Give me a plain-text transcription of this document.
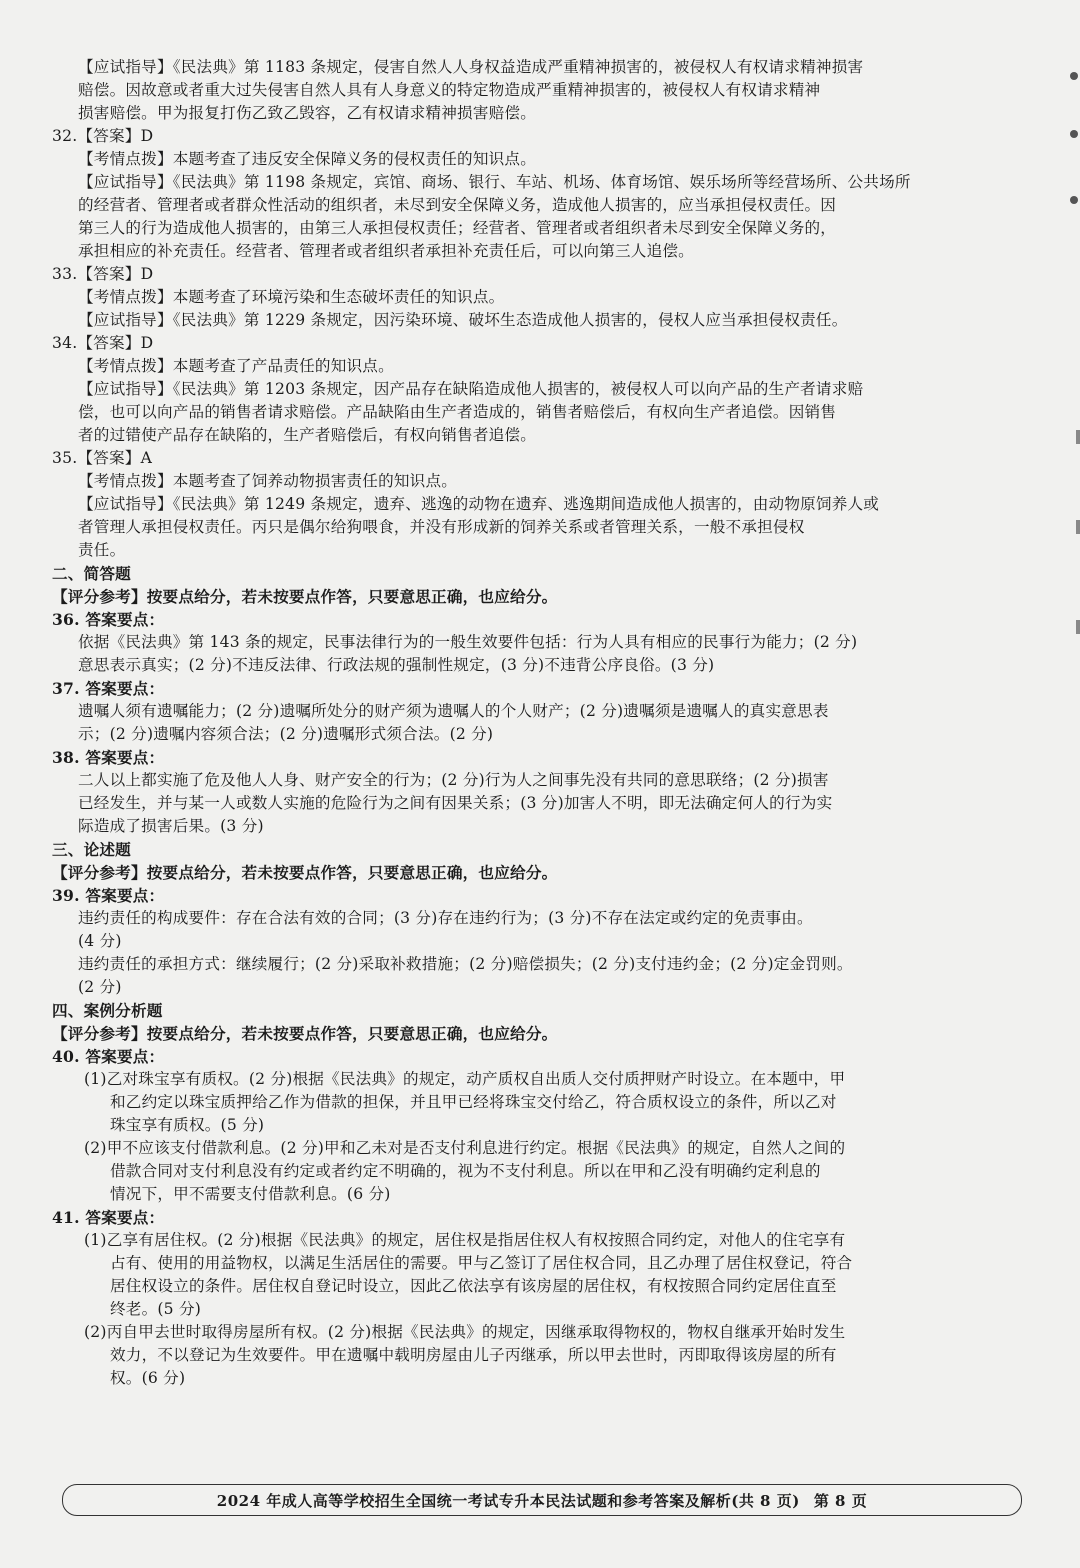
【应试指导】《民法典》第 1183 条规定，侵害自然人人身权益造成严重精神损害的，被侵权人有权请求精神损害
赔偿。因故意或者重大过失侵害自然人具有人身意义的特定物造成严重精神损害的，被侵权人有权请求精神
损害赔偿。甲为报复打伤乙致乙毁容，乙有权请求精神损害赔偿。
32.【答案】D
【考情点拨】本题考查了违反安全保障义务的侵权责任的知识点。
【应试指导】《民法典》第 1198 条规定，宾馆、商场、银行、车站、机场、体育场馆、娱乐场所等经营场所、公共场所
的经营者、管理者或者群众性活动的组织者，未尽到安全保障义务，造成他人损害的，应当承担侵权责任。因
第三人的行为造成他人损害的，由第三人承担侵权责任；经营者、管理者或者组织者未尽到安全保障义务的，
承担相应的补充责任。经营者、管理者或者组织者承担补充责任后，可以向第三人追偿。
33.【答案】D
【考情点拨】本题考查了环境污染和生态破坏责任的知识点。
【应试指导】《民法典》第 1229 条规定，因污染环境、破坏生态造成他人损害的，侵权人应当承担侵权责任。
34.【答案】D
【考情点拨】本题考查了产品责任的知识点。
【应试指导】《民法典》第 1203 条规定，因产品存在缺陷造成他人损害的，被侵权人可以向产品的生产者请求赔
偿，也可以向产品的销售者请求赔偿。产品缺陷由生产者造成的，销售者赔偿后，有权向生产者追偿。因销售
者的过错使产品存在缺陷的，生产者赔偿后，有权向销售者追偿。
35.【答案】A
【考情点拨】本题考查了饲养动物损害责任的知识点。
【应试指导】《民法典》第 1249 条规定，遗弃、逃逸的动物在遗弃、逃逸期间造成他人损害的，由动物原饲养人或
者管理人承担侵权责任。丙只是偶尔给狗喂食，并没有形成新的饲养关系或者管理关系，一般不承担侵权
责任。
二、简答题
【评分参考】按要点给分，若未按要点作答，只要意思正确，也应给分。
36. 答案要点：
依据《民法典》第 143 条的规定，民事法律行为的一般生效要件包括：行为人具有相应的民事行为能力；(2 分)
意思表示真实；(2 分)不违反法律、行政法规的强制性规定，(3 分)不违背公序良俗。(3 分)
37. 答案要点：
遗嘱人须有遗嘱能力；(2 分)遗嘱所处分的财产须为遗嘱人的个人财产；(2 分)遗嘱须是遗嘱人的真实意思表
示；(2 分)遗嘱内容须合法；(2 分)遗嘱形式须合法。(2 分)
38. 答案要点：
二人以上都实施了危及他人人身、财产安全的行为；(2 分)行为人之间事先没有共同的意思联络；(2 分)损害
已经发生，并与某一人或数人实施的危险行为之间有因果关系；(3 分)加害人不明，即无法确定何人的行为实
际造成了损害后果。(3 分)
三、论述题
【评分参考】按要点给分，若未按要点作答，只要意思正确，也应给分。
39. 答案要点：
违约责任的构成要件：存在合法有效的合同；(3 分)存在违约行为；(3 分)不存在法定或约定的免责事由。
(4 分)
违约责任的承担方式：继续履行；(2 分)采取补救措施；(2 分)赔偿损失；(2 分)支付违约金；(2 分)定金罚则。
(2 分)
四、案例分析题
【评分参考】按要点给分，若未按要点作答，只要意思正确，也应给分。
40. 答案要点：
(1)乙对珠宝享有质权。(2 分)根据《民法典》的规定，动产质权自出质人交付质押财产时设立。在本题中，甲
和乙约定以珠宝质押给乙作为借款的担保，并且甲已经将珠宝交付给乙，符合质权设立的条件，所以乙对
珠宝享有质权。(5 分)
(2)甲不应该支付借款利息。(2 分)甲和乙未对是否支付利息进行约定。根据《民法典》的规定，自然人之间的
借款合同对支付利息没有约定或者约定不明确的，视为不支付利息。所以在甲和乙没有明确约定利息的
情况下，甲不需要支付借款利息。(6 分)
41. 答案要点：
(1)乙享有居住权。(2 分)根据《民法典》的规定，居住权是指居住权人有权按照合同约定，对他人的住宅享有
占有、使用的用益物权，以满足生活居住的需要。甲与乙签订了居住权合同，且乙办理了居住权登记，符合
居住权设立的条件。居住权自登记时设立，因此乙依法享有该房屋的居住权，有权按照合同约定居住直至
终老。(5 分)
(2)丙自甲去世时取得房屋所有权。(2 分)根据《民法典》的规定，因继承取得物权的，物权自继承开始时发生
效力，不以登记为生效要件。甲在遗嘱中载明房屋由儿子丙继承，所以甲去世时，丙即取得该房屋的所有
权。(6 分)
2024 年成人高等学校招生全国统一考试专升本民法试题和参考答案及解析(共 8 页) 第 8 页
